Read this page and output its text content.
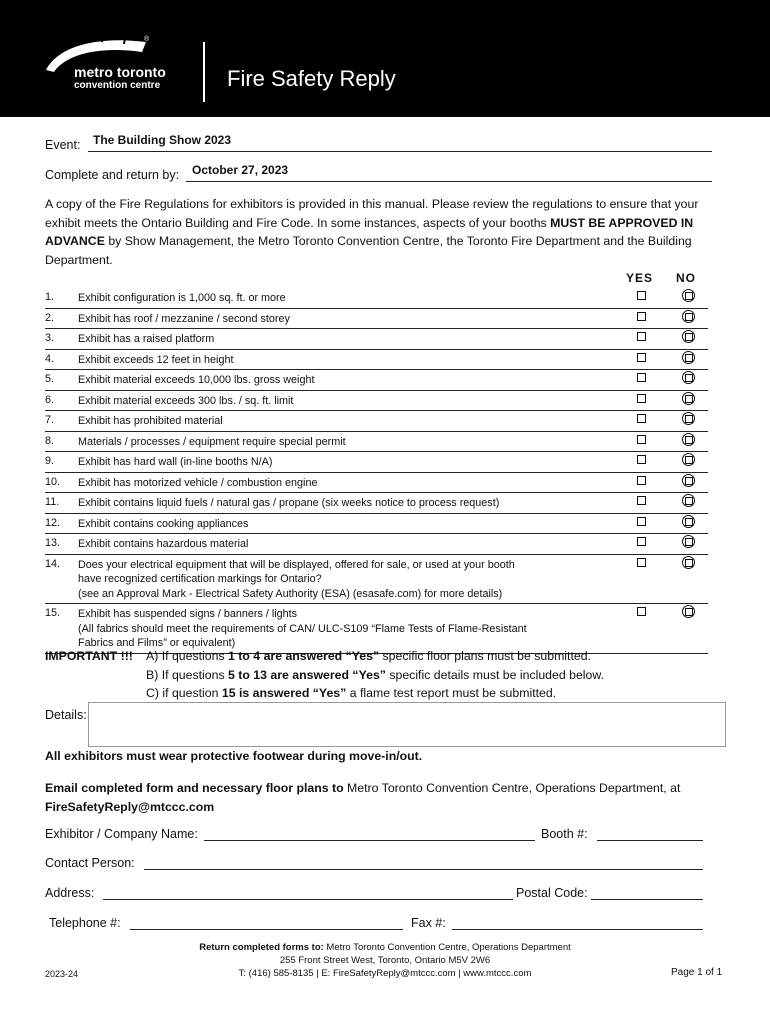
®
metro toronto
convention centre	Fire Safety Reply
Event: The Building Show 2023
Complete and return by: October 27, 2023
A copy of the Fire Regulations for exhibitors is provided in this manual. Please review the regulations to ensure that your exhibit meets the Ontario Building and Fire Code. In some instances, aspects of your booths MUST BE APPROVED IN ADVANCE by Show Management, the Metro Toronto Convention Centre, the Toronto Fire Department and the Building Department.
YES NO
1.	Exhibit configuration is 1,000 sq. ft. or more		
2.	Exhibit has roof / mezzanine / second storey		
3.	Exhibit has a raised platform		
4.	Exhibit exceeds 12 feet in height		
5.	Exhibit material exceeds 10,000 lbs. gross weight		
6.	Exhibit material exceeds 300 lbs. / sq. ft. limit		
7.	Exhibit has prohibited material		
8.	Materials / processes / equipment require special permit		
9.	Exhibit has hard wall (in-line booths N/A)		
10.	Exhibit has motorized vehicle / combustion engine		
11.	Exhibit contains liquid fuels / natural gas / propane (six weeks notice to process request)		
12.	Exhibit contains cooking appliances		
13.	Exhibit contains hazardous material		
14.	Does your electrical equipment that will be displayed, offered for sale, or used at your booth
have recognized certification markings for Ontario?
(see an Approval Mark - Electrical Safety Authority (ESA) (esasafe.com) for more details)		
15.	Exhibit has suspended signs / banners / lights
(All fabrics should meet the requirements of CAN/ ULC-S109 “Flame Tests of Flame-Resistant
Fabrics and Films” or equivalent)		
IMPORTANT !!! A) If questions 1 to 4 are answered “Yes” specific floor plans must be submitted.
B) If questions 5 to 13 are answered “Yes” specific details must be included below.
C) if question 15 is answered “Yes” a flame test report must be submitted.
Details:
All exhibitors must wear protective footwear during move-in/out.
Email completed form and necessary floor plans to Metro Toronto Convention Centre, Operations Department, at
FireSafetyReply@mtccc.com
Exhibitor / Company Name:	Booth #:
Contact Person:
Address:	Postal Code:
Telephone #:	Fax #:
Return completed forms to: Metro Toronto Convention Centre, Operations Department
255 Front Street West, Toronto, Ontario M5V 2W6
T: (416) 585-8135 | E: FireSafetyReply@mtccc.com | www.mtccc.com
2023-24	Page 1 of 1
